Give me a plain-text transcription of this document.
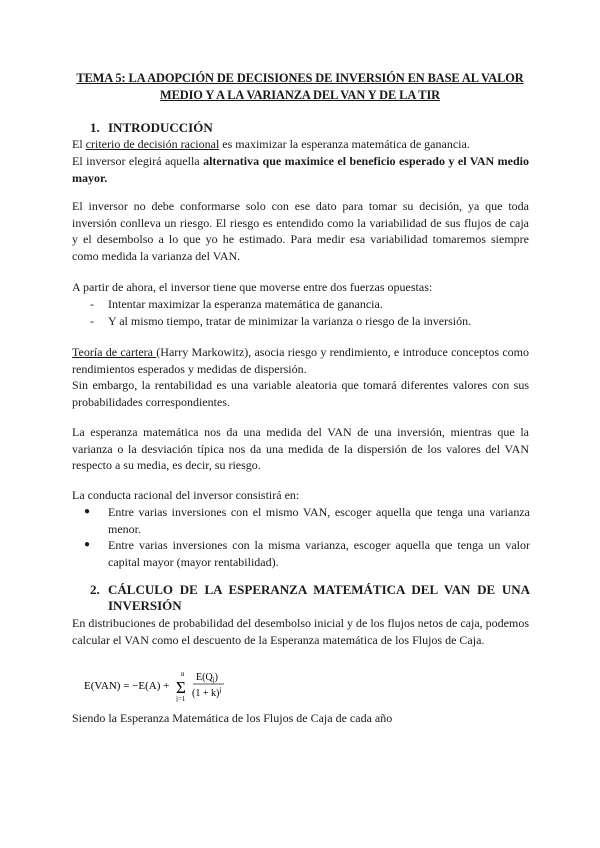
TEMA 5: LA ADOPCIÓN DE DECISIONES DE INVERSIÓN EN BASE AL VALOR MEDIO Y A LA VARIANZA DEL VAN Y DE LA TIR
1. INTRODUCCIÓN
El criterio de decisión racional es maximizar la esperanza matemática de ganancia.
El inversor elegirá aquella alternativa que maximice el beneficio esperado y el VAN medio mayor.
El inversor no debe conformarse solo con ese dato para tomar su decisión, ya que toda inversión conlleva un riesgo. El riesgo es entendido como la variabilidad de sus flujos de caja y el desembolso a lo que yo he estimado. Para medir esa variabilidad tomaremos siempre como medida la varianza del VAN.
A partir de ahora, el inversor tiene que moverse entre dos fuerzas opuestas:
-	Intentar maximizar la esperanza matemática de ganancia.
-	Y al mismo tiempo, tratar de minimizar la varianza o riesgo de la inversión.
Teoría de cartera (Harry Markowitz), asocia riesgo y rendimiento, e introduce conceptos como rendimientos esperados y medidas de dispersión.
Sin embargo, la rentabilidad es una variable aleatoria que tomará diferentes valores con sus probabilidades correspondientes.
La esperanza matemática nos da una medida del VAN de una inversión, mientras que la varianza o la desviación típica nos da una medida de la dispersión de los valores del VAN respecto a su media, es decir, su riesgo.
La conducta racional del inversor consistirá en:
●	Entre varias inversiones con el mismo VAN, escoger aquella que tenga una varianza menor.
●	Entre varias inversiones con la misma varianza, escoger aquella que tenga un valor capital mayor (mayor rentabilidad).
2. CÁLCULO DE LA ESPERANZA MATEMÁTICA DEL VAN DE UNA INVERSIÓN
En distribuciones de probabilidad del desembolso inicial y de los flujos netos de caja, podemos calcular el VAN como el descuento de la Esperanza matemática de los Flujos de Caja.
E(VAN) = −E(A) +
n
Σ
j=1
$E(Q_j)$
$(1 + k)^j$
Siendo la Esperanza Matemática de los Flujos de Caja de cada año
